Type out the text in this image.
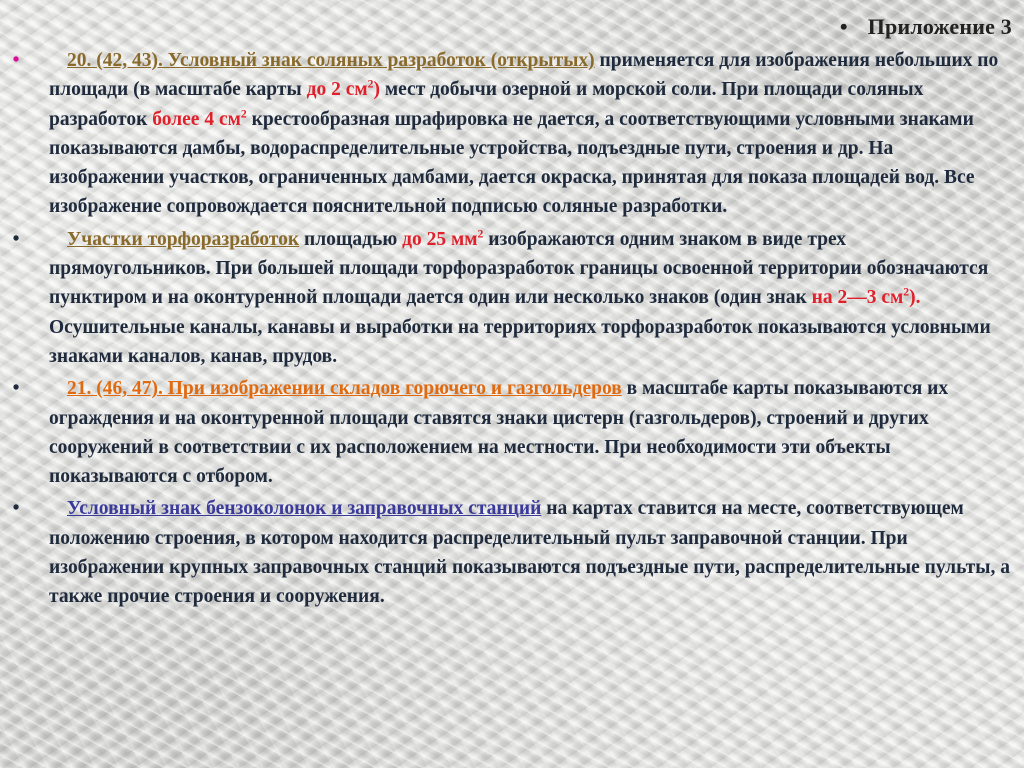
• Приложение 3
• 20. (42, 43). Условный знак соляных разработок (открытых) применяется для изображения небольших по площади (в масштабе карты до 2 $см^2$) мест добычи озерной и морской соли. При площади соляных разработок более 4 $см^2$ крестообразная шрафировка не дается, а соответствующими условными знаками показываются дамбы, водораспределительные устройства, подъездные пути, строения и др. На изображении участков, ограниченных дамбами, дается окраска, принятая для показа площадей вод. Все изображение сопровождается пояснительной подписью соляные разработки.
• Участки торфоразработок площадью до 25 $мм^2$ изображаются одним знаком в виде трех прямоугольников. При большей площади торфоразработок границы освоенной территории обозначаются пунктиром и на оконтуренной площади дается один или несколько знаков (один знак на 2—3 $см^2$). Осушительные каналы, канавы и выработки на территориях торфоразработок показываются условными знаками каналов, канав, прудов.
• 21. (46, 47). При изображении складов горючего и газгольдеров в масштабе карты показываются их ограждения и на оконтуренной площади ставятся знаки цистерн (газгольдеров), строений и других сооружений в соответствии с их расположением на местности. При необходимости эти объекты показываются с отбором.
• Условный знак бензоколонок и заправочных станций на картах ставится на месте, соответствующем положению строения, в котором находится распределительный пульт заправочной станции. При изображении крупных заправочных станций показываются подъездные пути, распределительные пульты, а также прочие строения и сооружения.
